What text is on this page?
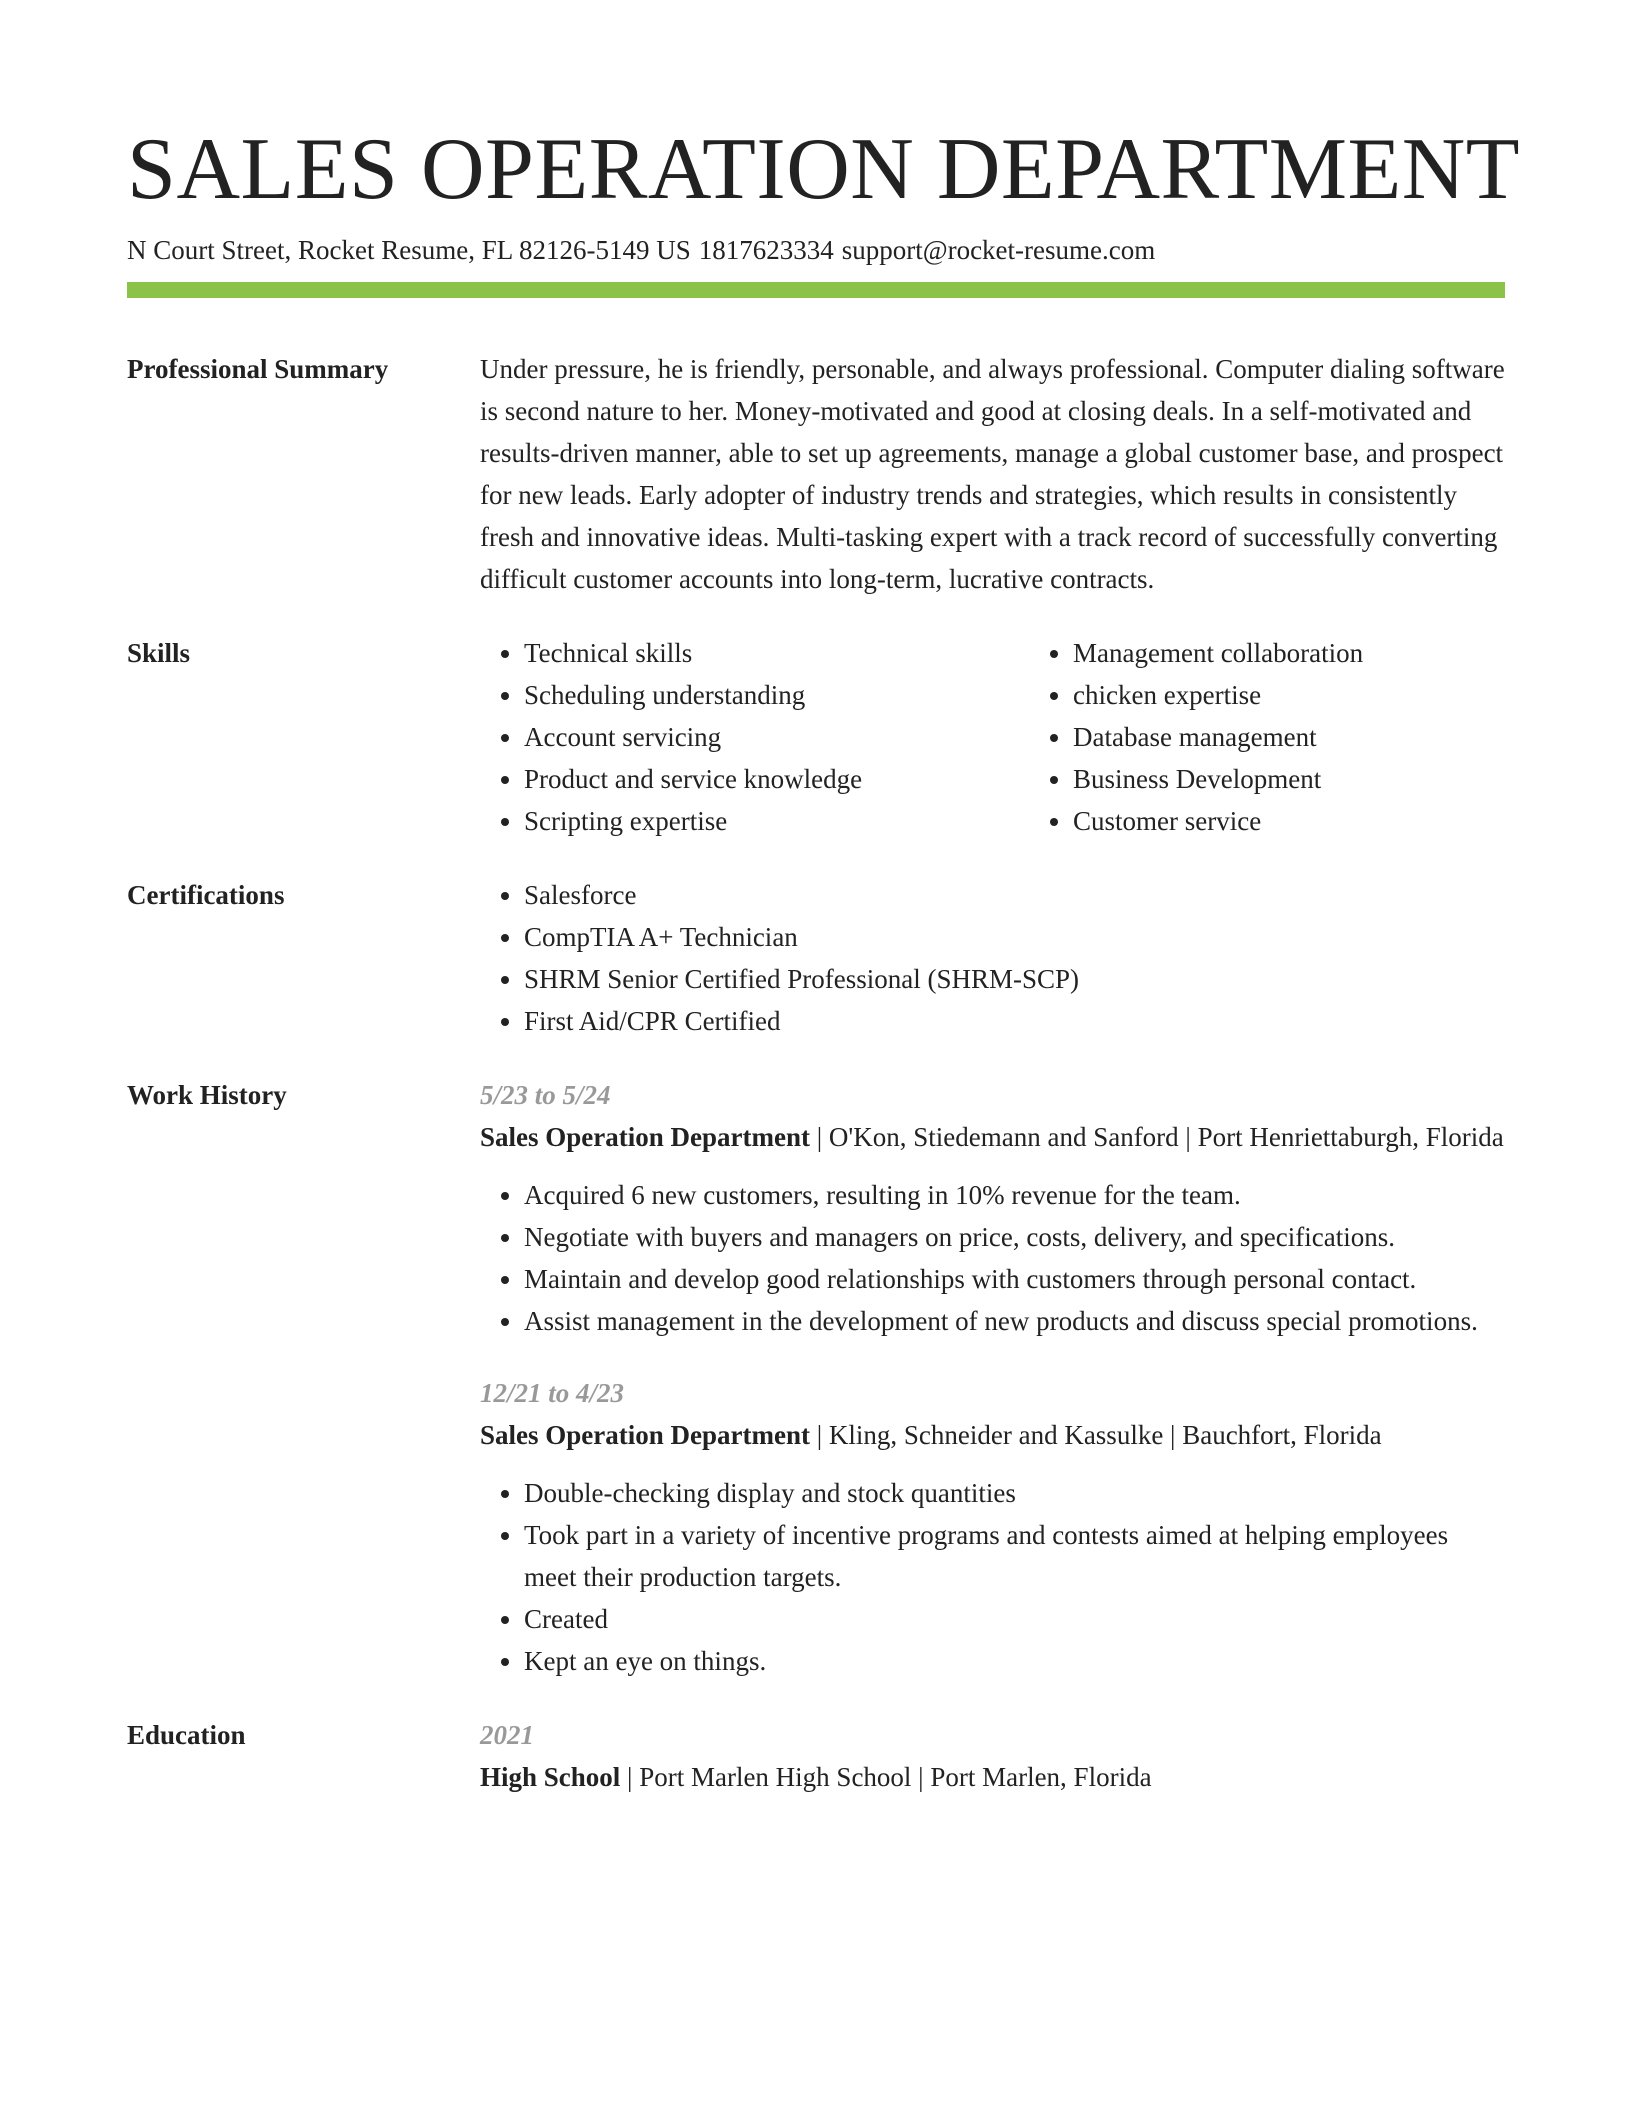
SALES OPERATION DEPARTMENT
N Court Street, Rocket Resume, FL 82126-5149 US 1817623334 support@rocket-resume.com
Professional Summary	Under pressure, he is friendly, personable, and always professional. Computer dialing software is second nature to her. Money-motivated and good at closing deals. In a self-motivated and results-driven manner, able to set up agreements, manage a global customer base, and prospect for new leads. Early adopter of industry trends and strategies, which results in consistently fresh and innovative ideas. Multi-tasking expert with a track record of successfully converting difficult customer accounts into long-term, lucrative contracts.
Skills	• Technical skills
• Scheduling understanding
• Account servicing
• Product and service knowledge
• Scripting expertise
• Management collaboration
• chicken expertise
• Database management
• Business Development
• Customer service
Certifications	• Salesforce
• CompTIA A+ Technician
• SHRM Senior Certified Professional (SHRM-SCP)
• First Aid/CPR Certified
Work History	5/23 to 5/24
Sales Operation Department | O'Kon, Stiedemann and Sanford | Port Henriettaburgh, Florida
• Acquired 6 new customers, resulting in 10% revenue for the team.
• Negotiate with buyers and managers on price, costs, delivery, and specifications.
• Maintain and develop good relationships with customers through personal contact.
• Assist management in the development of new products and discuss special promotions.
12/21 to 4/23
Sales Operation Department | Kling, Schneider and Kassulke | Bauchfort, Florida
• Double-checking display and stock quantities
• Took part in a variety of incentive programs and contests aimed at helping employees meet their production targets.
• Created
• Kept an eye on things.
Education	2021
High School | Port Marlen High School | Port Marlen, Florida
